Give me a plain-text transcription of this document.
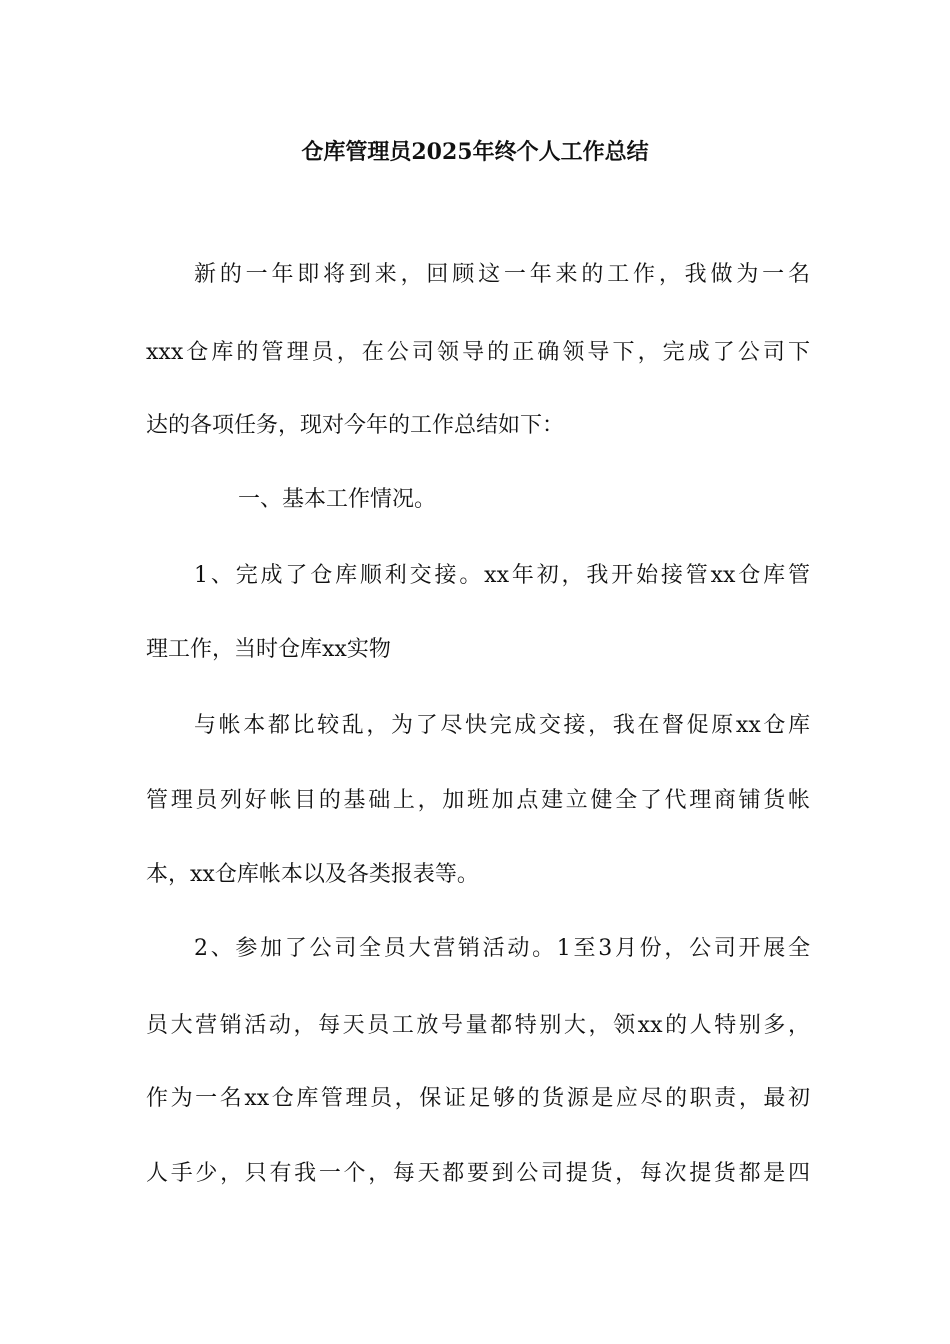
仓库管理员2025年终个人工作总结
新的一年即将到来，回顾这一年来的工作，我做为一名
xxx仓库的管理员，在公司领导的正确领导下，完成了公司下
达的各项任务，现对今年的工作总结如下：
一、基本工作情况。
1、完成了仓库顺利交接。xx年初，我开始接管xx仓库管
理工作，当时仓库xx实物
与帐本都比较乱，为了尽快完成交接，我在督促原xx仓库
管理员列好帐目的基础上，加班加点建立健全了代理商铺货帐
本，xx仓库帐本以及各类报表等。
2、参加了公司全员大营销活动。1至3月份，公司开展全
员大营销活动，每天员工放号量都特别大，领xx的人特别多，
作为一名xx仓库管理员，保证足够的货源是应尽的职责，最初
人手少，只有我一个，每天都要到公司提货，每次提货都是四
